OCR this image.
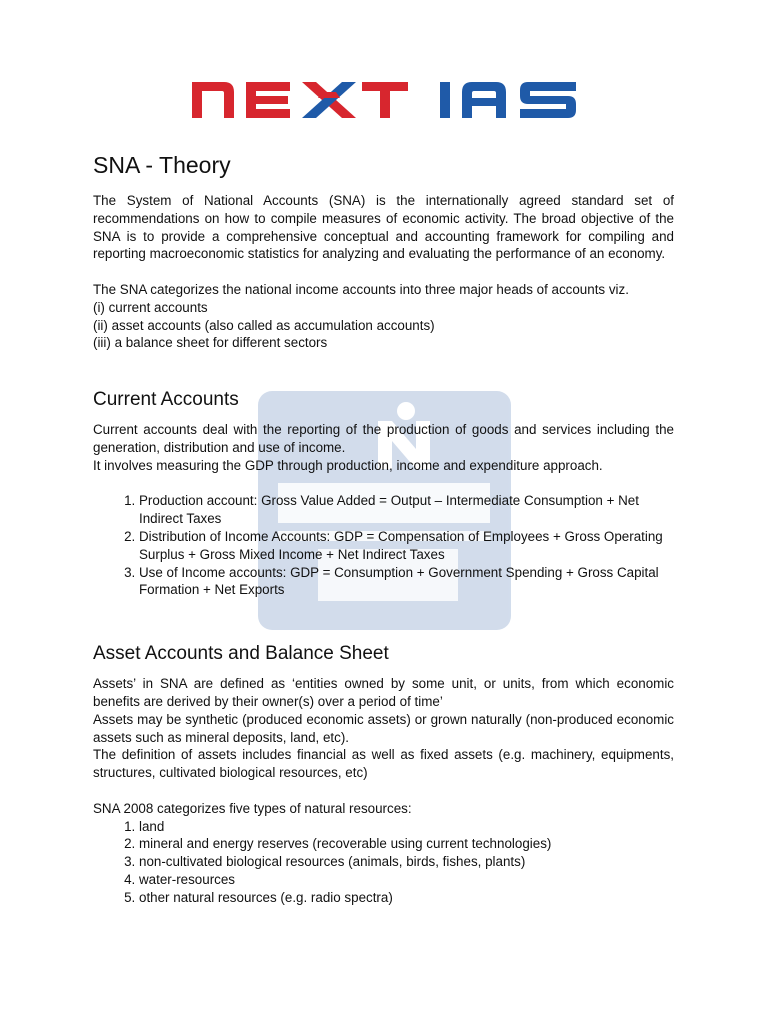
SNA - Theory

The System of National Accounts (SNA) is the internationally agreed standard set of recommendations on how to compile measures of economic activity. The broad objective of the SNA is to provide a comprehensive conceptual and accounting framework for compiling and reporting macroeconomic statistics for analyzing and evaluating the performance of an economy.

The SNA categorizes the national income accounts into three major heads of accounts viz.

(i) current accounts
(ii) asset accounts (also called as accumulation accounts)
(iii) a balance sheet for different sectors
Current Accounts

Current accounts deal with the reporting of the production of goods and services including the generation, distribution and use of income.

It involves measuring the GDP through production, income and expenditure approach.

1. Production account: Gross Value Added = Output – Intermediate Consumption + Net Indirect Taxes
2. Distribution of Income Accounts: GDP = Compensation of Employees + Gross Operating Surplus + Gross Mixed Income + Net Indirect Taxes
3. Use of Income accounts: GDP = Consumption + Government Spending + Gross Capital Formation + Net Exports
Asset Accounts and Balance Sheet

Assets’ in SNA are defined as ‘entities owned by some unit, or units, from which economic benefits are derived by their owner(s) over a period of time’

Assets may be synthetic (produced economic assets) or grown naturally (non-produced economic assets such as mineral deposits, land, etc).

The definition of assets includes financial as well as fixed assets (e.g. machinery, equipments, structures, cultivated biological resources, etc)

SNA 2008 categorizes five types of natural resources:
1. land
2. mineral and energy reserves (recoverable using current technologies)
3. non-cultivated biological resources (animals, birds, fishes, plants)
4. water-resources
5. other natural resources (e.g. radio spectra)
